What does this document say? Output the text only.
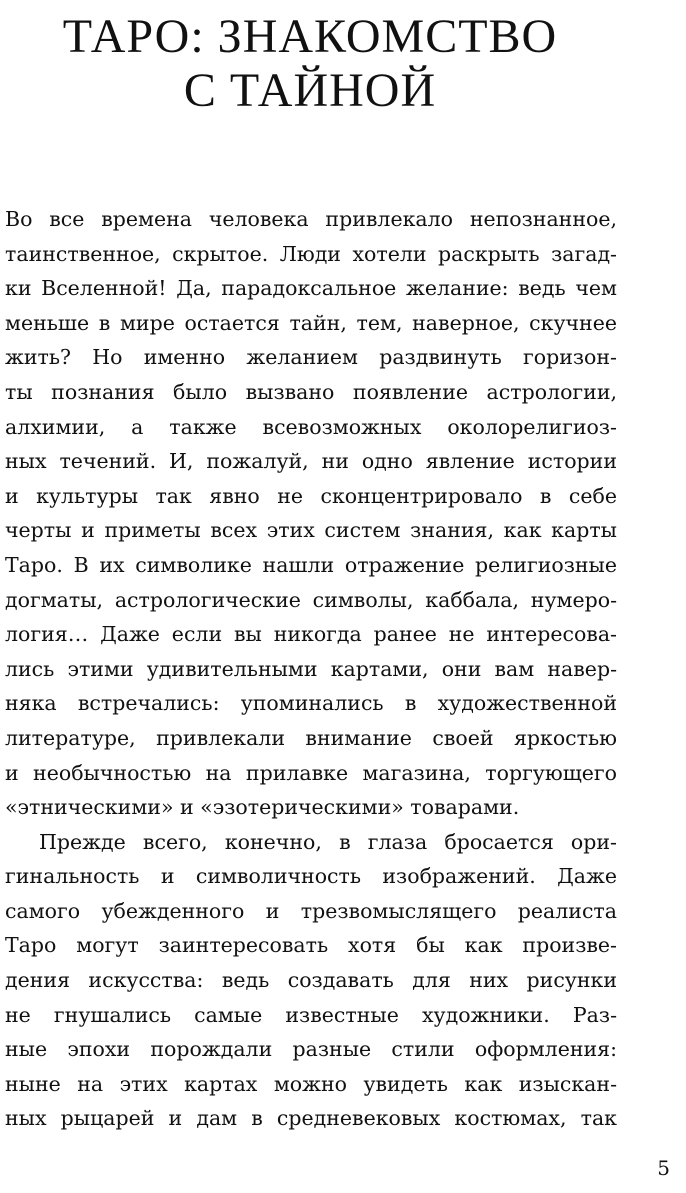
ТАРО: ЗНАКОМСТВО
С ТАЙНОЙ
Во все времена человека привлекало непознанное,
таинственное, скрытое. Люди хотели раскрыть загад-
ки Вселенной! Да, парадоксальное желание: ведь чем
меньше в мире остается тайн, тем, наверное, скучнее
жить? Но именно желанием раздвинуть горизон-
ты познания было вызвано появление астрологии,
алхимии, а также всевозможных околорелигиоз-
ных течений. И, пожалуй, ни одно явление истории
и культуры так явно не сконцентрировало в себе
черты и приметы всех этих систем знания, как карты
Таро. В их символике нашли отражение религиозные
догматы, астрологические символы, каббала, нумеро-
логия… Даже если вы никогда ранее не интересова-
лись этими удивительными картами, они вам навер-
няка встречались: упоминались в художественной
литературе, привлекали внимание своей яркостью
и необычностью на прилавке магазина, торгующего
«этническими» и «эзотерическими» товарами.
Прежде всего, конечно, в глаза бросается ори-
гинальность и символичность изображений. Даже
самого убежденного и трезвомыслящего реалиста
Таро могут заинтересовать хотя бы как произве-
дения искусства: ведь создавать для них рисунки
не гнушались самые известные художники. Раз-
ные эпохи порождали разные стили оформления:
ныне на этих картах можно увидеть как изыскан-
ных рыцарей и дам в средневековых костюмах, так
5
